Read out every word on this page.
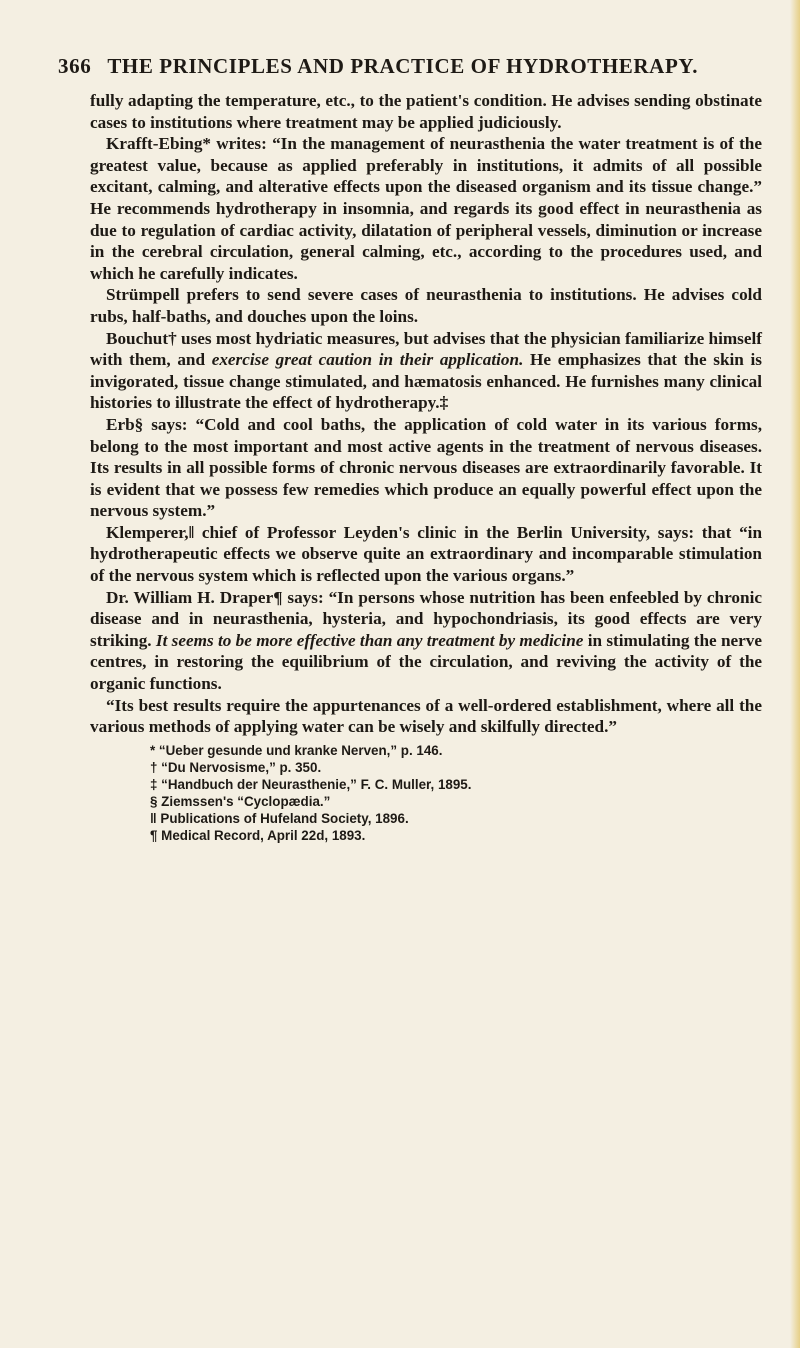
366 THE PRINCIPLES AND PRACTICE OF HYDROTHERAPY.

fully adapting the temperature, etc., to the patient's condition. He advises sending obstinate cases to institutions where treatment may be applied judiciously.

Krafft-Ebing* writes: “In the management of neurasthenia the water treatment is of the greatest value, because as applied preferably in institutions, it admits of all possible excitant, calming, and alterative effects upon the diseased organism and its tissue change.” He recommends hydrotherapy in insomnia, and regards its good effect in neurasthenia as due to regulation of cardiac activity, dilatation of peripheral vessels, diminution or increase in the cerebral circulation, general calming, etc., according to the procedures used, and which he carefully indicates.

Strümpell prefers to send severe cases of neurasthenia to institutions. He advises cold rubs, half-baths, and douches upon the loins.

Bouchut† uses most hydriatic measures, but advises that the physician familiarize himself with them, and exercise great caution in their application. He emphasizes that the skin is invigorated, tissue change stimulated, and hæmatosis enhanced. He furnishes many clinical histories to illustrate the effect of hydrotherapy.‡

Erb§ says: “Cold and cool baths, the application of cold water in its various forms, belong to the most important and most active agents in the treatment of nervous diseases. Its results in all possible forms of chronic nervous diseases are extraordinarily favorable. It is evident that we possess few remedies which produce an equally powerful effect upon the nervous system.”

Klemperer,‖ chief of Professor Leyden's clinic in the Berlin University, says: that “in hydrotherapeutic effects we observe quite an extraordinary and incomparable stimulation of the nervous system which is reflected upon the various organs.”

Dr. William H. Draper¶ says: “In persons whose nutrition has been enfeebled by chronic disease and in neurasthenia, hysteria, and hypochondriasis, its good effects are very striking. It seems to be more effective than any treatment by medicine in stimulating the nerve centres, in restoring the equilibrium of the circulation, and reviving the activity of the organic functions.

“Its best results require the appurtenances of a well-ordered establishment, where all the various methods of applying water can be wisely and skilfully directed.”

* “Ueber gesunde und kranke Nerven,” p. 146.
† “Du Nervosisme,” p. 350.
‡ “Handbuch der Neurasthenie,” F. C. Muller, 1895.
§ Ziemssen's “Cyclopædia.”
‖ Publications of Hufeland Society, 1896.
¶ Medical Record, April 22d, 1893.
